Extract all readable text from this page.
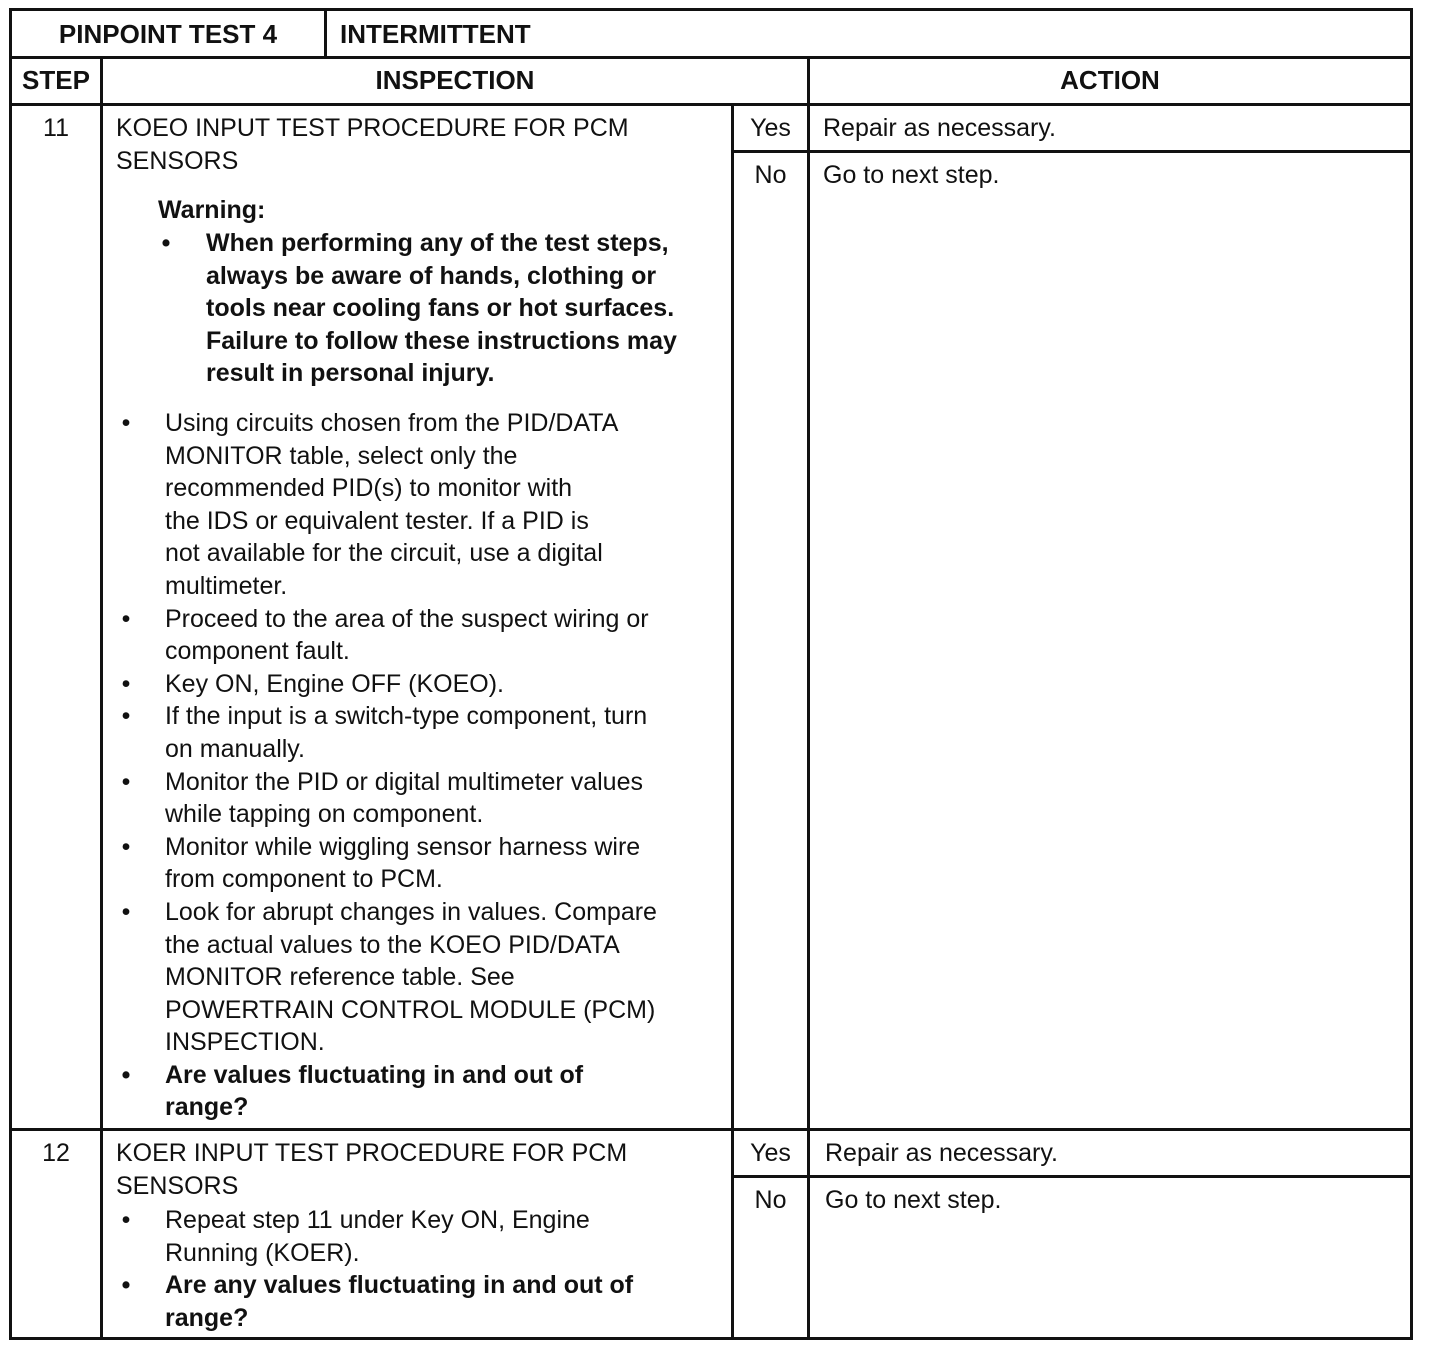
PINPOINT TEST 4	INTERMITTENT
STEP	INSPECTION	ACTION
11	KOEO INPUT TEST PROCEDURE FOR PCM
SENSORS
Warning:
• When performing any of the test steps,
always be aware of hands, clothing or
tools near cooling fans or hot surfaces.
Failure to follow these instructions may
result in personal injury.
• Using circuits chosen from the PID/DATA
MONITOR table, select only the
recommended PID(s) to monitor with
the IDS or equivalent tester. If a PID is
not available for the circuit, use a digital
multimeter.
• Proceed to the area of the suspect wiring or
component fault.
• Key ON, Engine OFF (KOEO).
• If the input is a switch-type component, turn
on manually.
• Monitor the PID or digital multimeter values
while tapping on component.
• Monitor while wiggling sensor harness wire
from component to PCM.
• Look for abrupt changes in values. Compare
the actual values to the KOEO PID/DATA
MONITOR reference table. See
POWERTRAIN CONTROL MODULE (PCM)
INSPECTION.
• Are values fluctuating in and out of
range?
Yes	Repair as necessary.
No	Go to next step.
12	KOER INPUT TEST PROCEDURE FOR PCM
SENSORS
• Repeat step 11 under Key ON, Engine
Running (KOER).
• Are any values fluctuating in and out of
range?
Yes	Repair as necessary.
No	Go to next step.
